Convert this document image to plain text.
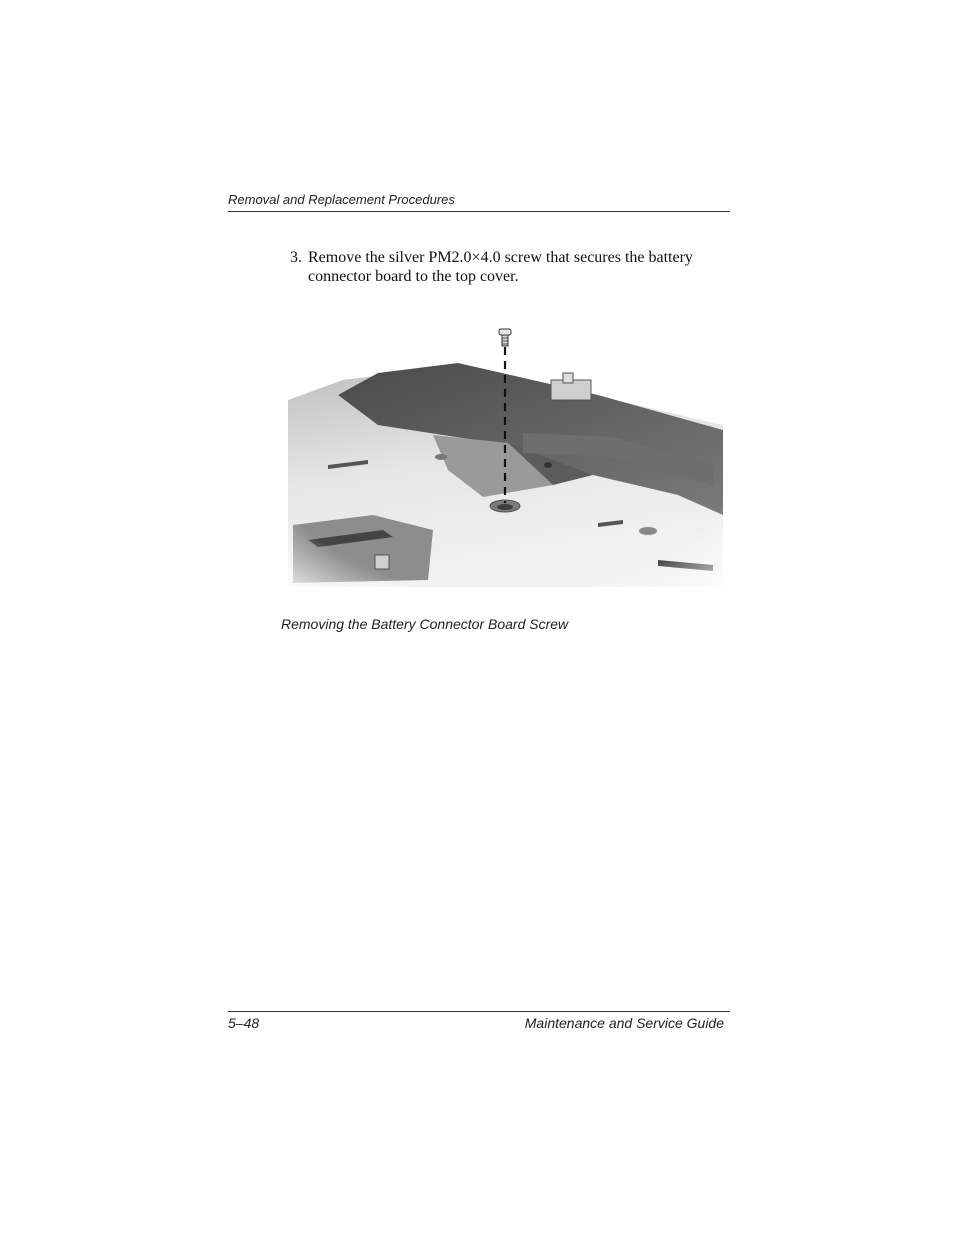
Removal and Replacement Procedures
3. Remove the silver PM2.0×4.0 screw that secures the battery connector board to the top cover.
Removing the Battery Connector Board Screw
5–48	Maintenance and Service Guide
